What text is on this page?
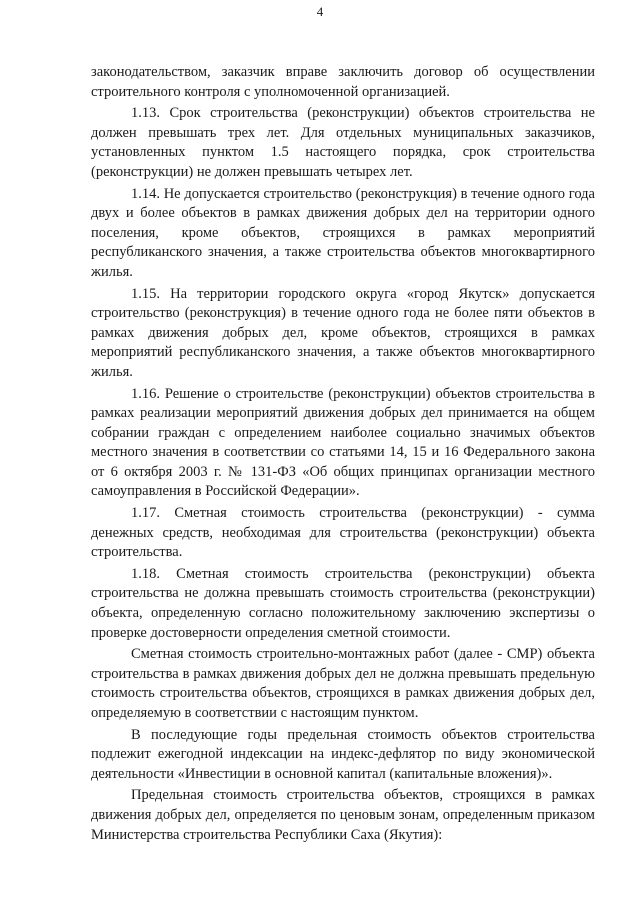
4

законодательством, заказчик вправе заключить договор об осуществлении строительного контроля с уполномоченной организацией.

1.13. Срок строительства (реконструкции) объектов строительства не должен превышать трех лет. Для отдельных муниципальных заказчиков, установленных пунктом 1.5 настоящего порядка, срок строительства (реконструкции) не должен превышать четырех лет.

1.14. Не допускается строительство (реконструкция) в течение одного года двух и более объектов в рамках движения добрых дел на территории одного поселения, кроме объектов, строящихся в рамках мероприятий республиканского значения, а также строительства объектов многоквартирного жилья.

1.15. На территории городского округа «город Якутск» допускается строительство (реконструкция) в течение одного года не более пяти объектов в рамках движения добрых дел, кроме объектов, строящихся в рамках мероприятий республиканского значения, а также объектов многоквартирного жилья.

1.16. Решение о строительстве (реконструкции) объектов строительства в рамках реализации мероприятий движения добрых дел принимается на общем собрании граждан с определением наиболее социально значимых объектов местного значения в соответствии со статьями 14, 15 и 16 Федерального закона от 6 октября 2003 г. № 131-ФЗ «Об общих принципах организации местного самоуправления в Российской Федерации».

1.17. Сметная стоимость строительства (реконструкции) - сумма денежных средств, необходимая для строительства (реконструкции) объекта строительства.

1.18. Сметная стоимость строительства (реконструкции) объекта строительства не должна превышать стоимость строительства (реконструкции) объекта, определенную согласно положительному заключению экспертизы о проверке достоверности определения сметной стоимости.

Сметная стоимость строительно-монтажных работ (далее - СМР) объекта строительства в рамках движения добрых дел не должна превышать предельную стоимость строительства объектов, строящихся в рамках движения добрых дел, определяемую в соответствии с настоящим пунктом.

В последующие годы предельная стоимость объектов строительства подлежит ежегодной индексации на индекс-дефлятор по виду экономической деятельности «Инвестиции в основной капитал (капитальные вложения)».

Предельная стоимость строительства объектов, строящихся в рамках движения добрых дел, определяется по ценовым зонам, определенным приказом Министерства строительства Республики Саха (Якутия):
